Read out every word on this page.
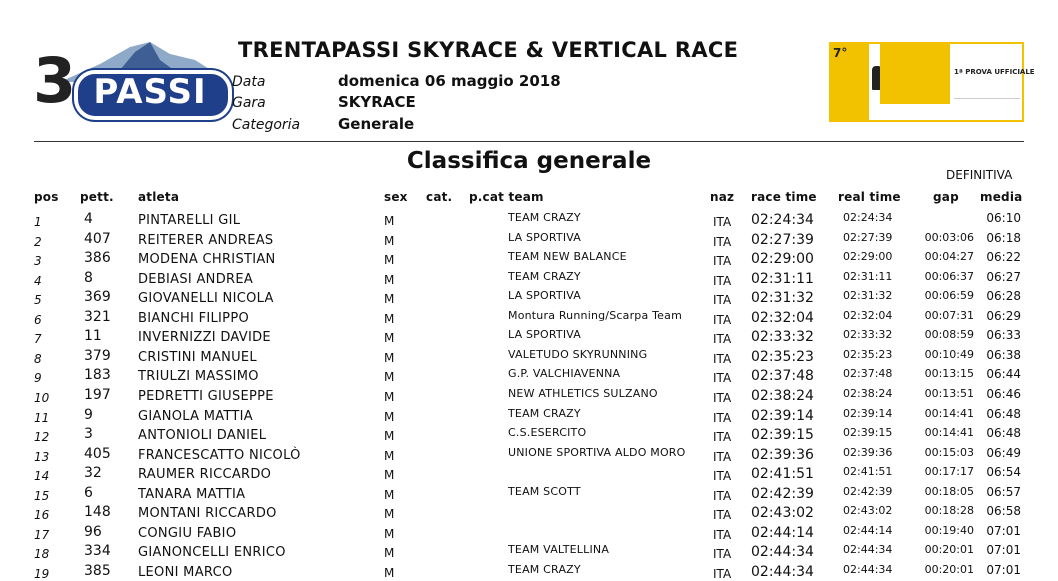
3 PASSI
TRENTAPASSI SKYRACE & VERTICAL RACE
Data	domenica 06 maggio 2018
Gara	SKYRACE
Categoria	Generale
7°
1ª PROVA UFFICIALE
Classifica generale
DEFINITIVA
pos pett. atleta	sex cat. p.cat team	naz race time real time	gap media
1	4	PINTARELLI GIL	M	TEAM CRAZY	ITA 02:24:34	02:24:34	06:10
2	407 REITERER ANDREAS	M	LA SPORTIVA	ITA 02:27:39	02:27:39	00:03:06	06:18
3	386 MODENA CHRISTIAN	M	TEAM NEW BALANCE	ITA 02:29:00	02:29:00	00:04:27	06:22
4	8	DEBIASI ANDREA	M	TEAM CRAZY	ITA 02:31:11	02:31:11	00:06:37	06:27
5	369 GIOVANELLI NICOLA	M	LA SPORTIVA	ITA 02:31:32	02:31:32	00:06:59	06:28
6	321 BIANCHI FILIPPO	M	Montura Running/Scarpa Team	ITA 02:32:04	02:32:04	00:07:31	06:29
7	11	INVERNIZZI DAVIDE	M	LA SPORTIVA	ITA 02:33:32	02:33:32	00:08:59	06:33
8	379 CRISTINI MANUEL	M	VALETUDO SKYRUNNING	ITA 02:35:23	02:35:23	00:10:49	06:38
9	183 TRIULZI MASSIMO	M	G.P. VALCHIAVENNA	ITA 02:37:48	02:37:48	00:13:15	06:44
10 197 PEDRETTI GIUSEPPE	M	NEW ATHLETICS SULZANO	ITA 02:38:24	02:38:24	00:13:51	06:46
11 9	GIANOLA MATTIA	M	TEAM CRAZY	ITA 02:39:14	02:39:14	00:14:41	06:48
12 3	ANTONIOLI DANIEL	M	C.S.ESERCITO	ITA 02:39:15	02:39:15	00:14:41	06:48
13 405 FRANCESCATTO NICOLÒ	M	UNIONE SPORTIVA ALDO MORO ITA 02:39:36	02:39:36	00:15:03	06:49
14 32	RAUMER RICCARDO	M	ITA 02:41:51	02:41:51	00:17:17	06:54
15 6	TANARA MATTIA	M	TEAM SCOTT	ITA 02:42:39	02:42:39	00:18:05	06:57
16 148 MONTANI RICCARDO	M	ITA 02:43:02	02:43:02	00:18:28	06:58
17 96	CONGIU FABIO	M	ITA 02:44:14	02:44:14	00:19:40	07:01
18 334 GIANONCELLI ENRICO	M	TEAM VALTELLINA	ITA 02:44:34	02:44:34	00:20:01	07:01
19 385 LEONI MARCO	M	TEAM CRAZY	ITA 02:44:34	02:44:34	00:20:01	07:01
